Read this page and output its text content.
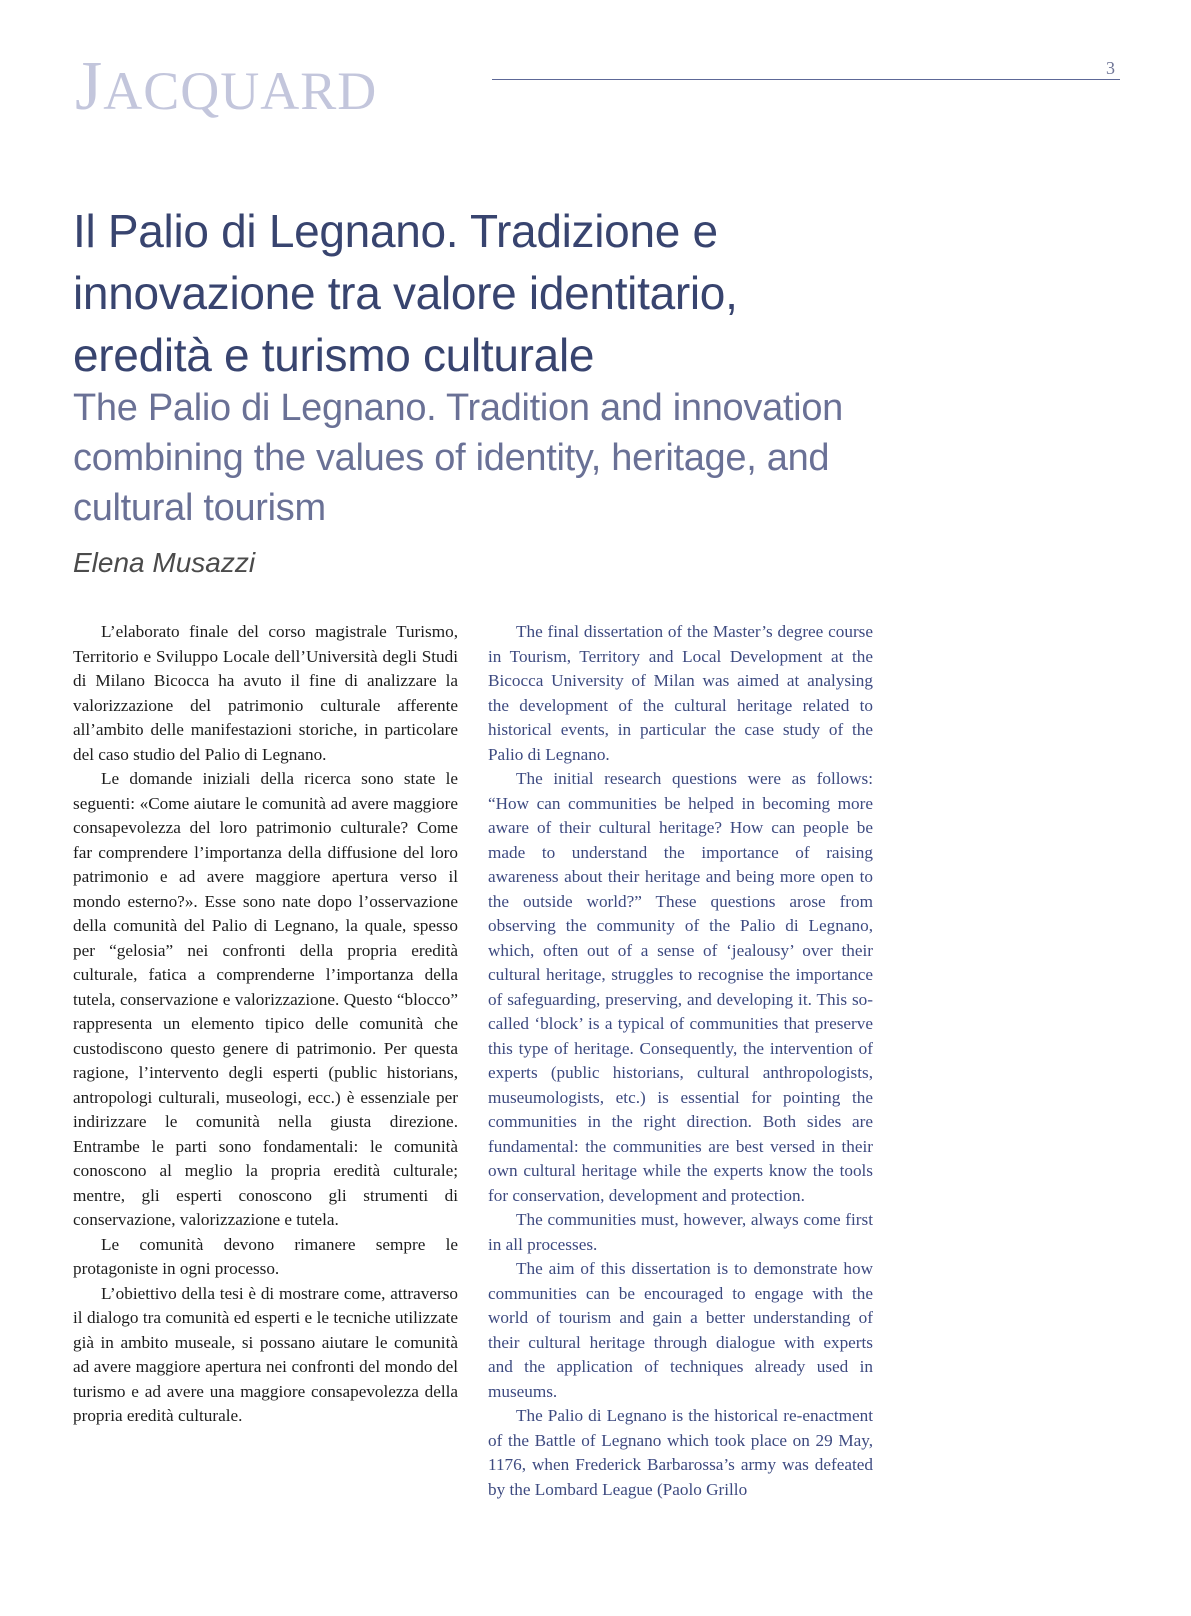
JACQUARD	3
Il Palio di Legnano. Tradizione e innovazione tra valore identitario, eredità e turismo culturale
The Palio di Legnano. Tradition and innovation combining the values of identity, heritage, and cultural tourism

Elena Musazzi

L’elaborato finale del corso magistrale Turismo, Territorio e Sviluppo Locale dell’Università degli Studi di Milano Bicocca ha avuto il fine di analizzare la valorizzazione del patrimonio culturale afferente all’ambito delle manifestazioni storiche, in particolare del caso studio del Palio di Legnano.

Le domande iniziali della ricerca sono state le seguenti: «Come aiutare le comunità ad avere maggiore consapevolezza del loro patrimonio culturale? Come far comprendere l’importanza della diffusione del loro patrimonio e ad avere maggiore apertura verso il mondo esterno?». Esse sono nate dopo l’osservazione della comunità del Palio di Legnano, la quale, spesso per “gelosia” nei confronti della propria eredità culturale, fatica a comprenderne l’importanza della tutela, conservazione e valorizzazione. Questo “blocco” rappresenta un elemento tipico delle comunità che custodiscono questo genere di patrimonio. Per questa ragione, l’intervento degli esperti (public historians, antropologi culturali, museologi, ecc.) è essenziale per indirizzare le comunità nella giusta direzione. Entrambe le parti sono fondamentali: le comunità conoscono al meglio la propria eredità culturale; mentre, gli esperti conoscono gli strumenti di conservazione, valorizzazione e tutela.

Le comunità devono rimanere sempre le protagoniste in ogni processo.

L’obiettivo della tesi è di mostrare come, attraverso il dialogo tra comunità ed esperti e le tecniche utilizzate già in ambito museale, si possano aiutare le comunità ad avere maggiore apertura nei confronti del mondo del turismo e ad avere una maggiore consapevolezza della propria eredità culturale.

The final dissertation of the Master’s degree course in Tourism, Territory and Local Development at the Bicocca University of Milan was aimed at analysing the development of the cultural heritage related to historical events, in particular the case study of the Palio di Legnano.

The initial research questions were as follows: “How can communities be helped in becoming more aware of their cultural heritage? How can people be made to understand the importance of raising awareness about their heritage and being more open to the outside world?” These questions arose from observing the community of the Palio di Legnano, which, often out of a sense of ‘jealousy’ over their cultural heritage, struggles to recognise the importance of safeguarding, preserving, and developing it. This so-called ‘block’ is a typical of communities that preserve this type of heritage. Consequently, the intervention of experts (public historians, cultural anthropologists, museumologists, etc.) is essential for pointing the communities in the right direction. Both sides are fundamental: the communities are best versed in their own cultural heritage while the experts know the tools for conservation, development and protection.

The communities must, however, always come first in all processes.

The aim of this dissertation is to demonstrate how communities can be encouraged to engage with the world of tourism and gain a better understanding of their cultural heritage through dialogue with experts and the application of techniques already used in museums.

The Palio di Legnano is the historical re-enactment of the Battle of Legnano which took place on 29 May, 1176, when Frederick Barbarossa’s army was defeated by the Lombard League (Paolo Grillo
